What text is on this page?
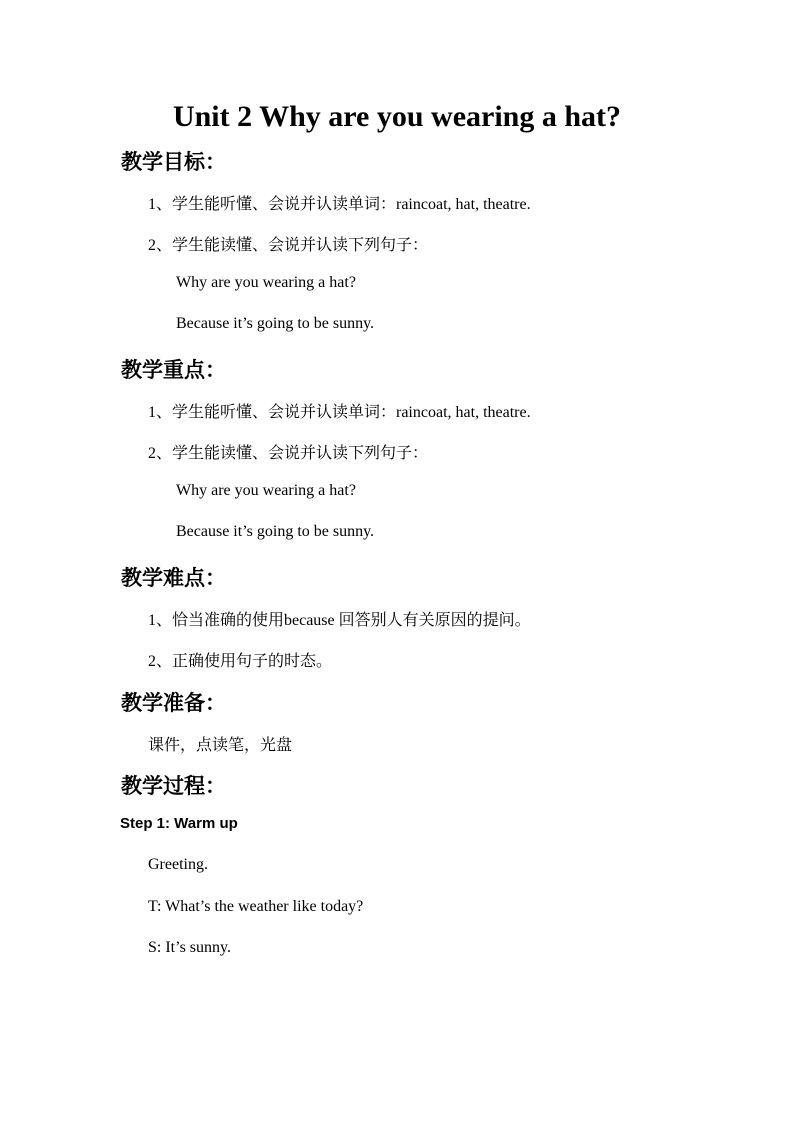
Unit 2 Why are you wearing a hat?
教学目标：
1、学生能听懂、会说并认读单词：raincoat, hat, theatre.
2、学生能读懂、会说并认读下列句子：
Why are you wearing a hat?
Because it’s going to be sunny.
教学重点：
1、学生能听懂、会说并认读单词：raincoat, hat, theatre.
2、学生能读懂、会说并认读下列句子：
Why are you wearing a hat?
Because it’s going to be sunny.
教学难点：
1、恰当准确的使用because 回答别人有关原因的提问。
2、正确使用句子的时态。
教学准备：
课件，点读笔，光盘
教学过程：
Step 1: Warm up
Greeting.
T: What’s the weather like today?
S: It’s sunny.
